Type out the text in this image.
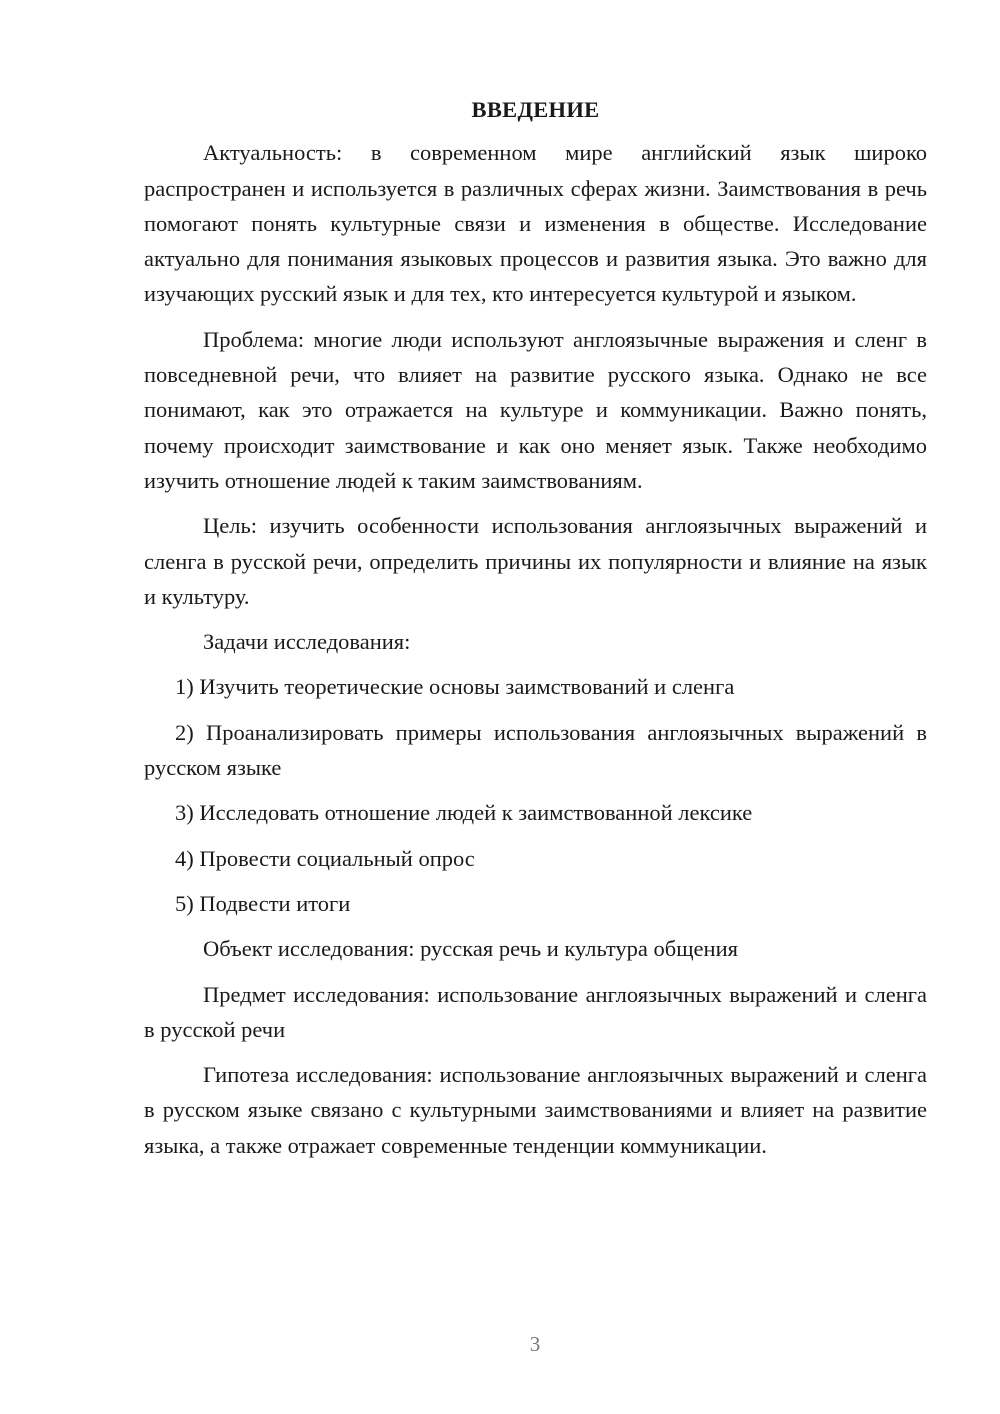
ВВЕДЕНИЕ

Актуальность: в современном мире английский язык широко распространен и используется в различных сферах жизни. Заимствования в речь помогают понять культурные связи и изменения в обществе. Исследование актуально для понимания языковых процессов и развития языка. Это важно для изучающих русский язык и для тех, кто интересуется культурой и языком.

Проблема: многие люди используют англоязычные выражения и сленг в повседневной речи, что влияет на развитие русского языка. Однако не все понимают, как это отражается на культуре и коммуникации. Важно понять, почему происходит заимствование и как оно меняет язык. Также необходимо изучить отношение людей к таким заимствованиям.

Цель: изучить особенности использования англоязычных выражений и сленга в русской речи, определить причины их популярности и влияние на язык и культуру.

Задачи исследования:

1) Изучить теоретические основы заимствований и сленга

2) Проанализировать примеры использования англоязычных выражений в русском языке

3) Исследовать отношение людей к заимствованной лексике

4) Провести социальный опрос

5) Подвести итоги

Объект исследования: русская речь и культура общения

Предмет исследования: использование англоязычных выражений и сленга в русской речи

Гипотеза исследования: использование англоязычных выражений и сленга в русском языке связано с культурными заимствованиями и влияет на развитие языка, а также отражает современные тенденции коммуникации.

3
